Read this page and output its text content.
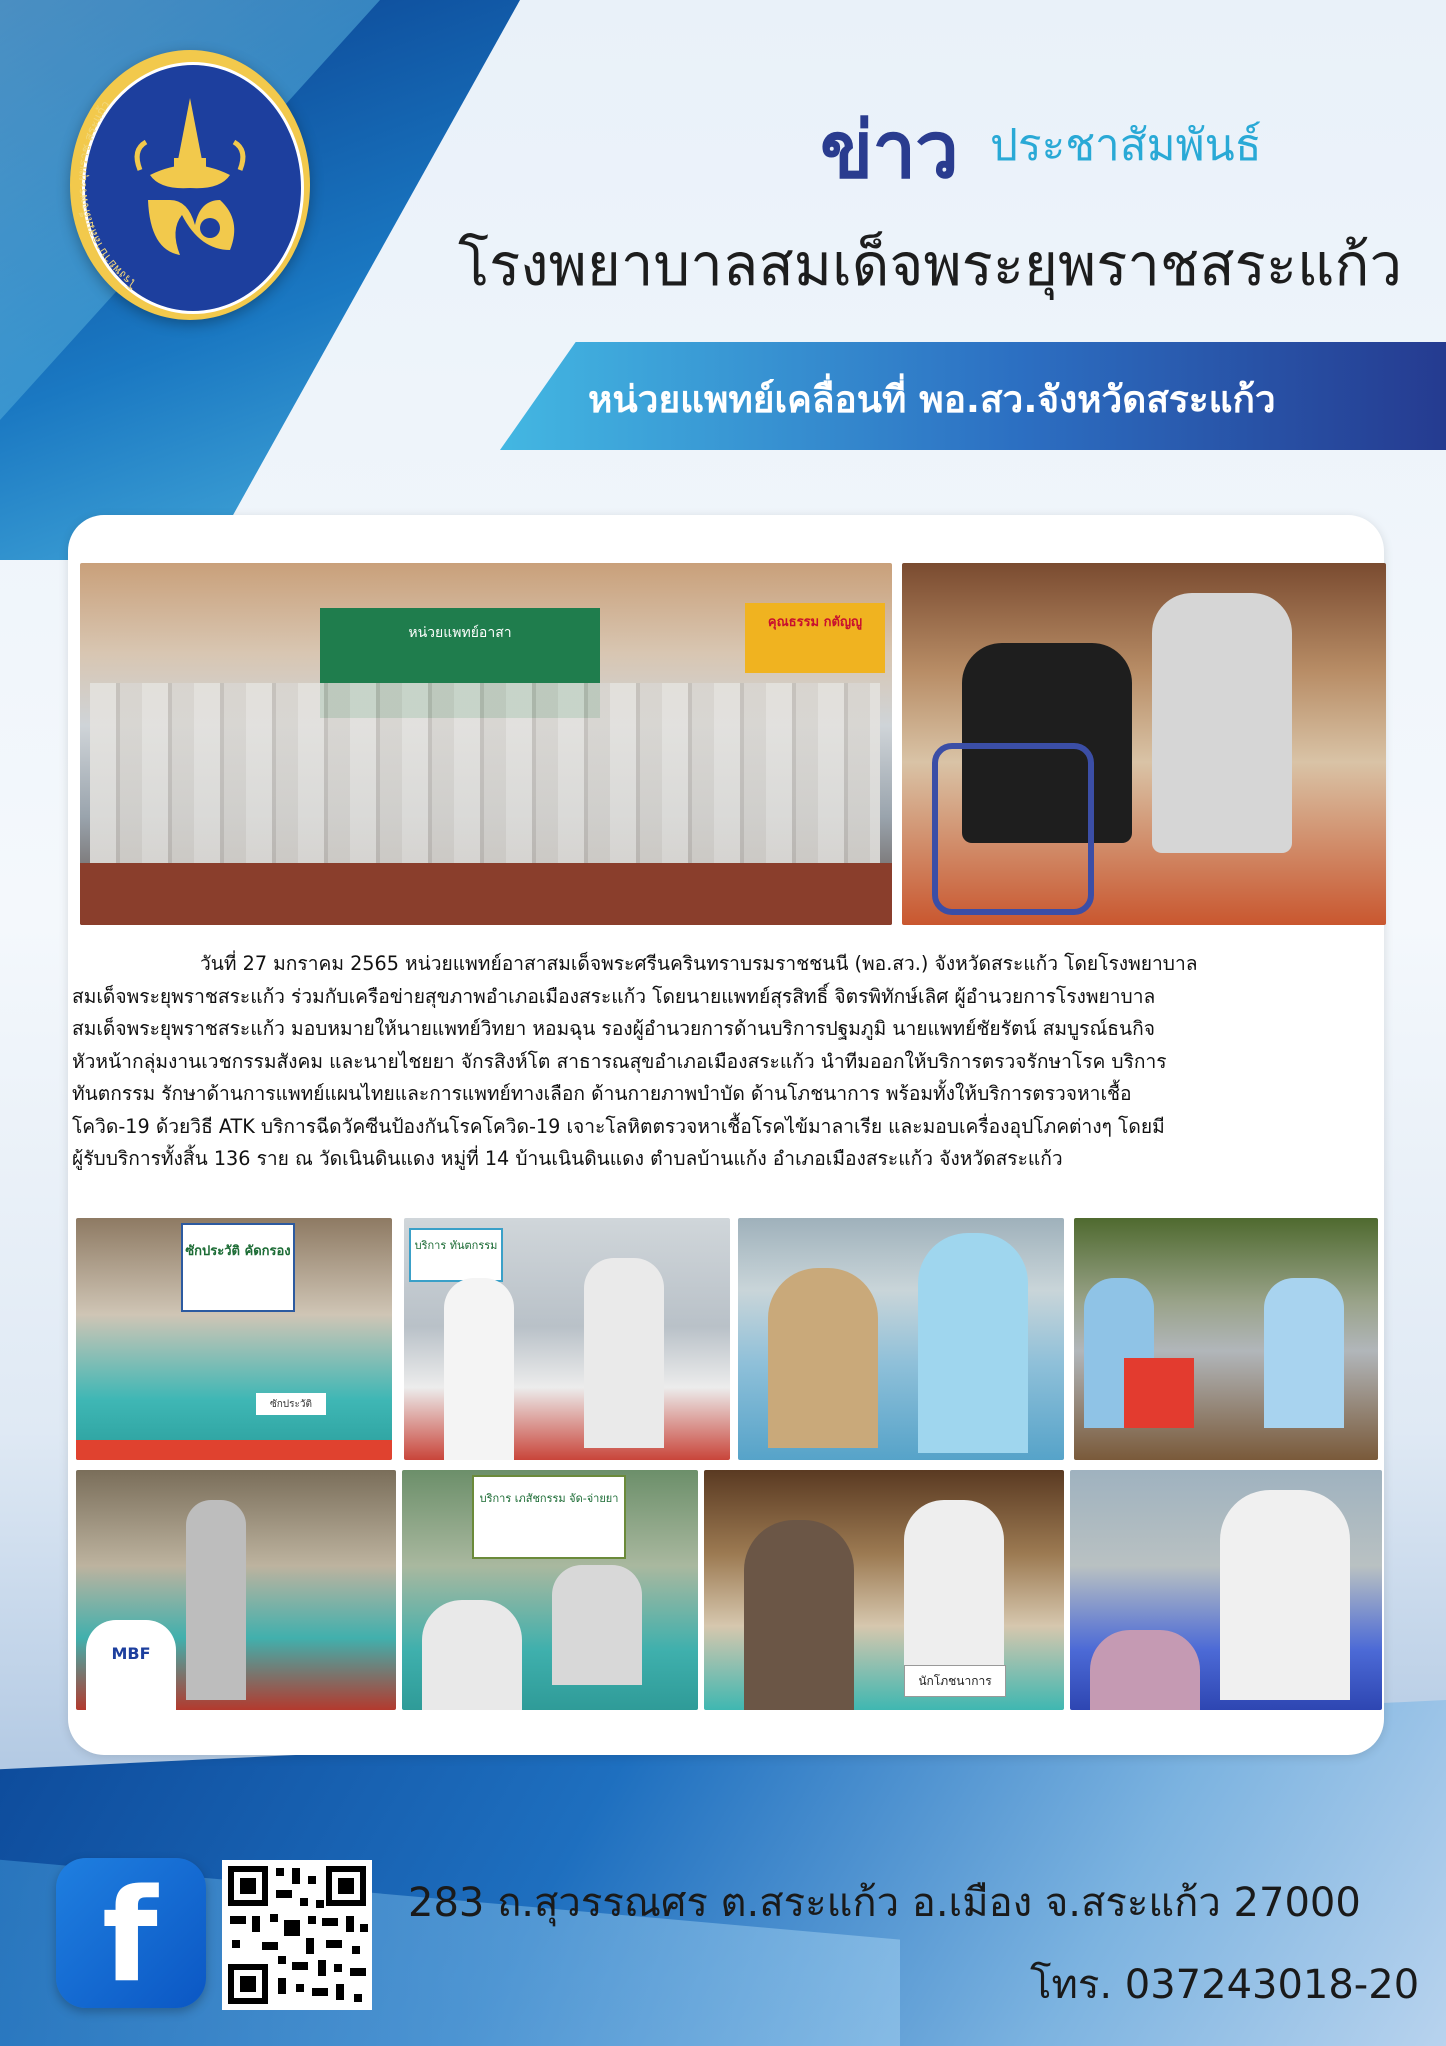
โรงพยาบาลสมเด็จพระยุพราช สระแก้ว
ข่าว ประชาสัมพันธ์
โรงพยาบาลสมเด็จพระยุพราชสระแก้ว
หน่วยแพทย์เคลื่อนที่ พอ.สว.จังหวัดสระแก้ว
หน่วยแพทย์อาสา
คุณธรรม กตัญญู
วันที่ 27 มกราคม 2565 หน่วยแพทย์อาสาสมเด็จพระศรีนครินทราบรมราชชนนี (พอ.สว.) จังหวัดสระแก้ว โดยโรงพยาบาล
สมเด็จพระยุพราชสระแก้ว ร่วมกับเครือข่ายสุขภาพอำเภอเมืองสระแก้ว โดยนายแพทย์สุรสิทธิ์ จิตรพิทักษ์เลิศ ผู้อำนวยการโรงพยาบาล
สมเด็จพระยุพราชสระแก้ว มอบหมายให้นายแพทย์วิทยา หอมฉุน รองผู้อำนวยการด้านบริการปฐมภูมิ นายแพทย์ชัยรัตน์ สมบูรณ์ธนกิจ
หัวหน้ากลุ่มงานเวชกรรมสังคม และนายไชยยา จักรสิงห์โต สาธารณสุขอำเภอเมืองสระแก้ว นำทีมออกให้บริการตรวจรักษาโรค บริการ
ทันตกรรม รักษาด้านการแพทย์แผนไทยและการแพทย์ทางเลือก ด้านกายภาพบำบัด ด้านโภชนาการ พร้อมทั้งให้บริการตรวจหาเชื้อ
โควิด-19 ด้วยวิธี ATK บริการฉีดวัคซีนป้องกันโรคโควิด-19 เจาะโลหิตตรวจหาเชื้อโรคไข้มาลาเรีย และมอบเครื่องอุปโภคต่างๆ โดยมี
ผู้รับบริการทั้งสิ้น 136 ราย ณ วัดเนินดินแดง หมู่ที่ 14 บ้านเนินดินแดง ตำบลบ้านแก้ง อำเภอเมืองสระแก้ว จังหวัดสระแก้ว
ซักประวัติ คัดกรอง
ซักประวัติ
บริการ ทันตกรรม
MBF
บริการ เภสัชกรรม จัด-จ่ายยา
นักโภชนาการ
f	283 ถ.สุวรรณศร ต.สระแก้ว อ.เมือง จ.สระแก้ว 27000
โทร. 037243018-20
